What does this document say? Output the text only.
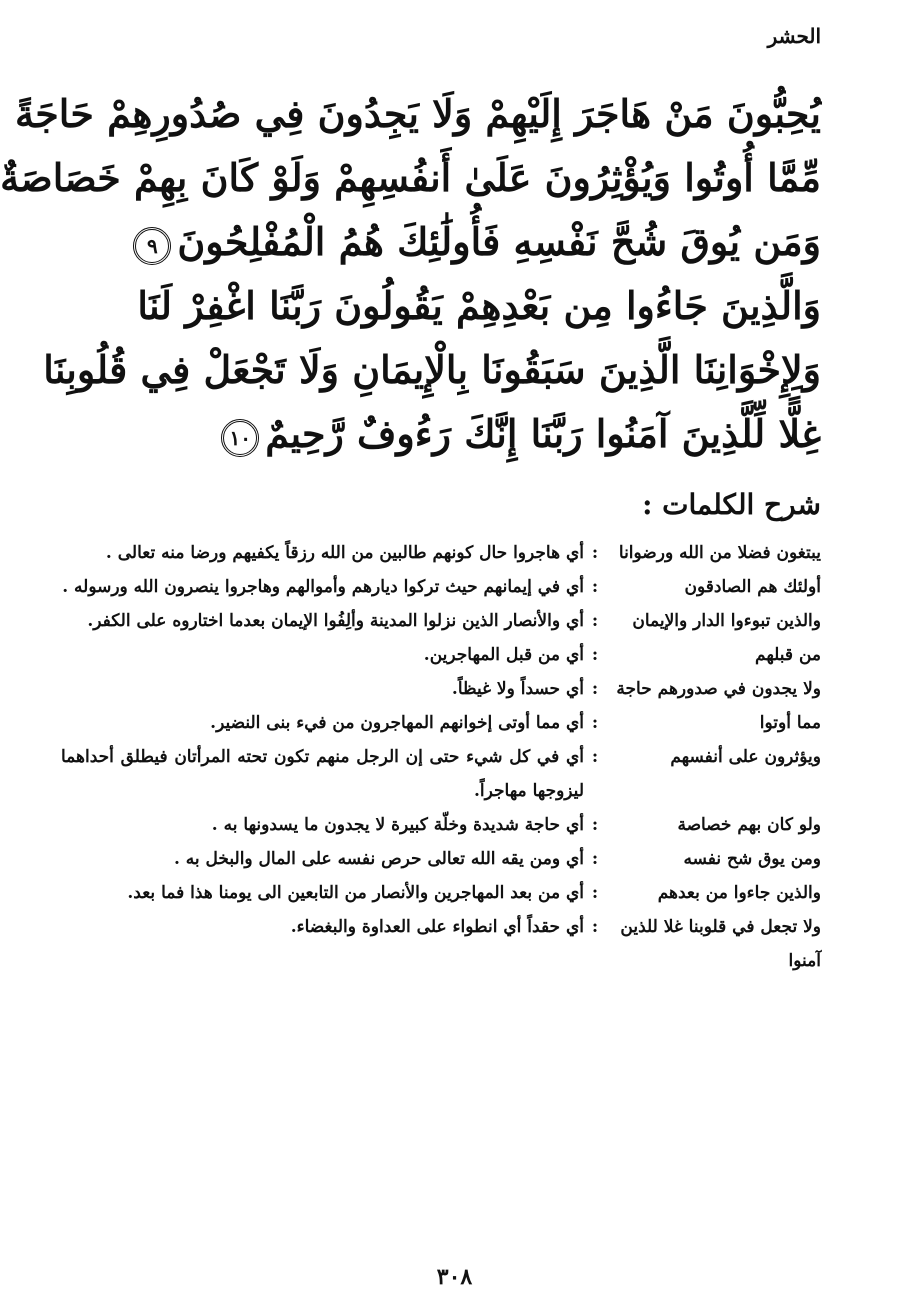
الحشر
يُحِبُّونَ مَنْ هَاجَرَ إِلَيْهِمْ وَلَا يَجِدُونَ فِي صُدُورِهِمْ حَاجَةً
مِّمَّا أُوتُوا وَيُؤْثِرُونَ عَلَىٰ أَنفُسِهِمْ وَلَوْ كَانَ بِهِمْ خَصَاصَةٌ
وَمَن يُوقَ شُحَّ نَفْسِهِ فَأُولَٰئِكَ هُمُ الْمُفْلِحُونَ٩
وَالَّذِينَ جَاءُوا مِن بَعْدِهِمْ يَقُولُونَ رَبَّنَا اغْفِرْ لَنَا
وَلِإِخْوَانِنَا الَّذِينَ سَبَقُونَا بِالْإِيمَانِ وَلَا تَجْعَلْ فِي قُلُوبِنَا
غِلًّا لِّلَّذِينَ آمَنُوا رَبَّنَا إِنَّكَ رَءُوفٌ رَّحِيمٌ١٠
شرح الكلمات :
يبتغون فضلا من الله ورضوانا
:
أي هاجروا حال كونهم طالبين من الله رزقاً يكفيهم ورضا منه تعالى .
أولئك هم الصادقون
:
أي في إيمانهم حيث تركوا ديارهم وأموالهم وهاجروا ينصرون الله ورسوله .
والذين تبوءوا الدار والإيمان
:
أي والأنصار الذين نزلوا المدينة وألِفُوا الإيمان بعدما اختاروه على الكفر.
من قبلهم
:
أي من قبل المهاجرين.
ولا يجدون في صدورهم حاجة
:
أي حسداً ولا غيظاً.
مما أوتوا
:
أي مما أوتى إخوانهم المهاجرون من فيء بنى النضير.
ويؤثرون على أنفسهم
:
أي في كل شيء حتى إن الرجل منهم تكون تحته المرأتان فيطلق أحداهما ليزوجها مهاجراً.
ولو كان بهم خصاصة
:
أي حاجة شديدة وخلّة كبيرة لا يجدون ما يسدونها به .
ومن يوق شح نفسه
:
أي ومن يقه الله تعالى حرص نفسه على المال والبخل به .
والذين جاءوا من بعدهم
:
أي من بعد المهاجرين والأنصار من التابعين الى يومنا هذا فما بعد.
ولا تجعل في قلوبنا غلا للذين آمنوا
:
أي حقداً أي انطواء على العداوة والبغضاء.
٣٠٨
